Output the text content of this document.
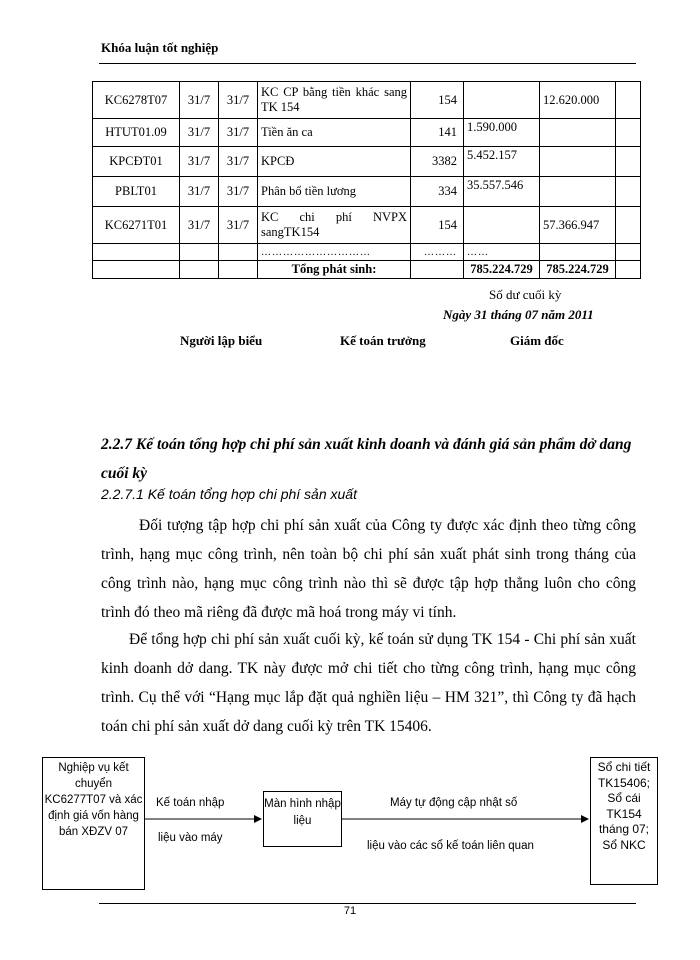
Khóa luận tốt nghiệp
KC6278T07	31/7	31/7	KC CP bằng tiền khác sang TK 154	154		12.620.000	
HTUT01.09	31/7	31/7	Tiền ăn ca	141	1.590.000		
KPCĐT01	31/7	31/7	KPCĐ	3382	5.452.157		
PBLT01	31/7	31/7	Phân bổ tiền lương	334	35.557.546		
KC6271T01	31/7	31/7	KC chi phí NVPX sangTK154	154		57.366.947	
			…………………………	………	……		
			Tổng phát sinh:		785.224.729	785.224.729	
Số dư cuối kỳ
Ngày 31 tháng 07 năm 2011
Người lập biểu	Kế toán trưởng	Giám đốc
2.2.7 Kế toán tổng hợp chi phí sản xuất kinh doanh và đánh giá sản phẩm dở dang cuối kỳ
2.2.7.1 Kế toán tổng hợp chi phí sản xuất
Đối tượng tập hợp chi phí sản xuất của Công ty được xác định theo từng công trình, hạng mục công trình, nên toàn bộ chi phí sản xuất phát sinh trong tháng của công trình nào, hạng mục công trình nào thì sẽ được tập hợp thẳng luôn cho công trình đó theo mã riêng đã được mã hoá trong máy vi tính.
Để tổng hợp chi phí sản xuất cuối kỳ, kế toán sử dụng TK 154 - Chi phí sản xuất kinh doanh dở dang. TK này được mở chi tiết cho từng công trình, hạng mục công trình. Cụ thể với “Hạng mục lắp đặt quả nghiền liệu – HM 321”, thì Công ty đã hạch toán chi phí sản xuất dở dang cuối kỳ trên TK 15406.
Nghiệp vụ kết chuyển KC6277T07 và xác định giá vốn hàng bán XĐZV 07
Kế toán nhập
liệu vào máy
Màn hình nhập liệu
Máy tự động cập nhật số
liệu vào các sổ kế toán liên quan
Sổ chi tiết TK15406; Sổ cái TK154 tháng 07; Sổ NKC
71
